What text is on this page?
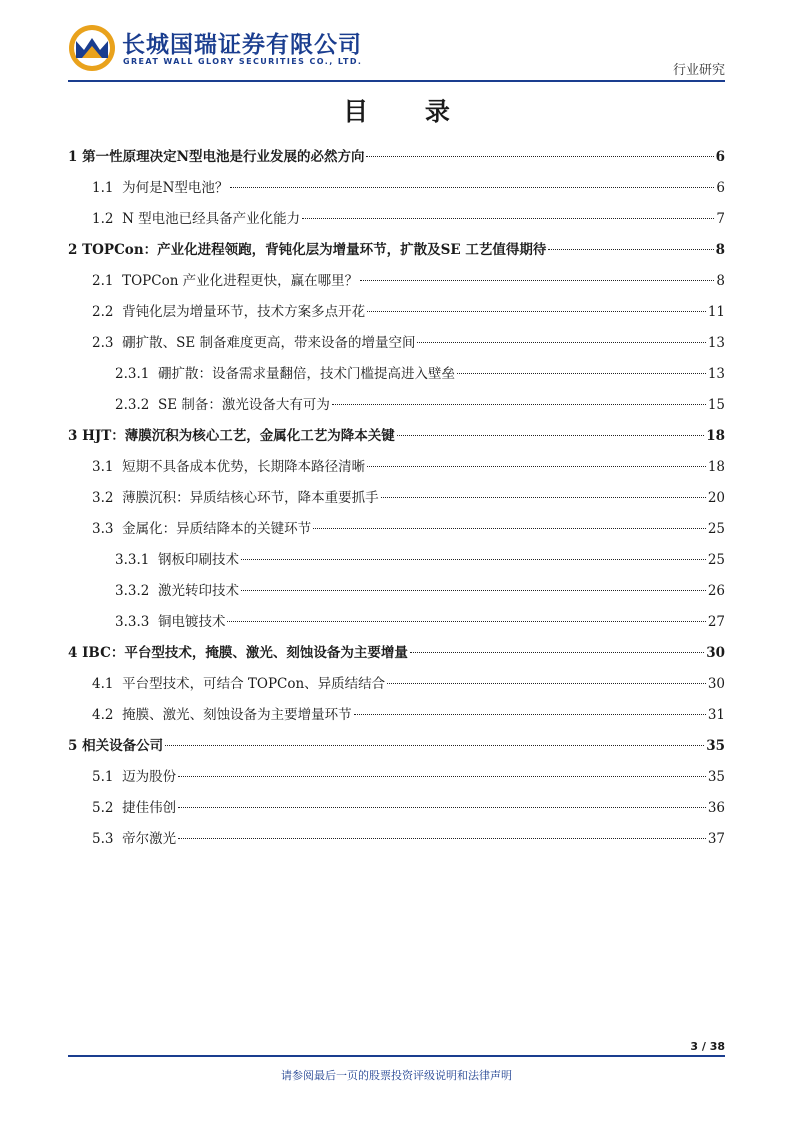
长城国瑞证券有限公司
GREAT WALL GLORY SECURITIES CO., LTD.
行业研究
目 录
1 第一性原理决定N型电池是行业发展的必然方向	6
1.1 为何是N型电池？	6
1.2 N 型电池已经具备产业化能力	7
2 TOPCon：产业化进程领跑，背钝化层为增量环节，扩散及SE 工艺值得期待	8
2.1 TOPCon 产业化进程更快，赢在哪里？	8
2.2 背钝化层为增量环节，技术方案多点开花	11
2.3 硼扩散、SE 制备难度更高，带来设备的增量空间	13
2.3.1 硼扩散：设备需求量翻倍，技术门槛提高进入壁垒	13
2.3.2 SE 制备：激光设备大有可为	15
3 HJT：薄膜沉积为核心工艺，金属化工艺为降本关键	18
3.1 短期不具备成本优势，长期降本路径清晰	18
3.2 薄膜沉积：异质结核心环节，降本重要抓手	20
3.3 金属化：异质结降本的关键环节	25
3.3.1 钢板印刷技术	25
3.3.2 激光转印技术	26
3.3.3 铜电镀技术	27
4 IBC：平台型技术，掩膜、激光、刻蚀设备为主要增量	30
4.1 平台型技术，可结合 TOPCon、异质结结合	30
4.2 掩膜、激光、刻蚀设备为主要增量环节	31
5 相关设备公司	35
5.1 迈为股份	35
5.2 捷佳伟创	36
5.3 帝尔激光	37
3 / 38
请参阅最后一页的股票投资评级说明和法律声明
